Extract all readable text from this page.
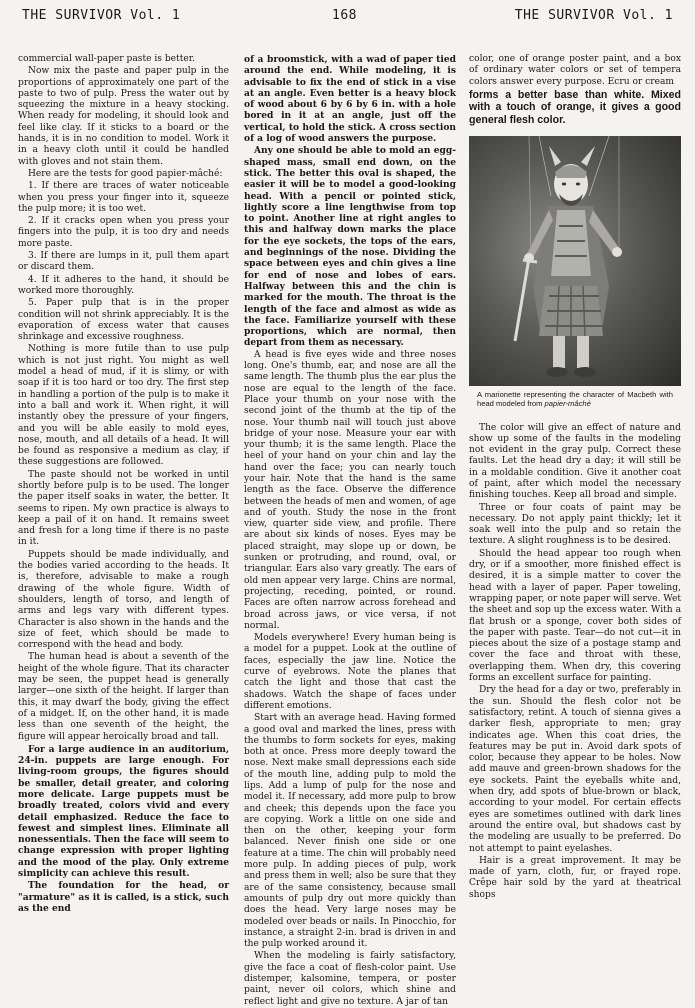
THE SURVIVOR Vol. 1	168	THE SURVIVOR Vol. 1

commercial wall-paper paste is better.

Now mix the paste and paper pulp in the proportions of approximately one part of the paste to two of pulp. Press the water out by squeezing the mixture in a heavy stocking. When ready for modeling, it should look and feel like clay. If it sticks to a board or the hands, it is in no condition to model. Work it in a heavy cloth until it could be handled with gloves and not stain them.

Here are the tests for good papier-mâché:

1. If there are traces of water noticeable when you press your finger into it, squeeze the pulp more; it is too wet.

2. If it cracks open when you press your fingers into the pulp, it is too dry and needs more paste.

3. If there are lumps in it, pull them apart or discard them.

4. If it adheres to the hand, it should be worked more thoroughly.

5. Paper pulp that is in the proper condition will not shrink appreciably. It is the evaporation of excess water that causes shrinkage and excessive roughness.

Nothing is more futile than to use pulp which is not just right. You might as well model a head of mud, if it is slimy, or with soap if it is too hard or too dry. The first step in handling a portion of the pulp is to make it into a ball and work it. When right, it will instantly obey the pressure of your fingers, and you will be able easily to mold eyes, nose, mouth, and all details of a head. It will be found as responsive a medium as clay, if these suggestions are followed.

The paste should not be worked in until shortly before pulp is to be used. The longer the paper itself soaks in water, the better. It seems to ripen. My own practice is always to keep a pail of it on hand. It remains sweet and fresh for a long time if there is no paste in it.

Puppets should be made individually, and the bodies varied according to the heads. It is, therefore, advisable to make a rough drawing of the whole figure. Width of shoulders, length of torso, and length of arms and legs vary with different types. Character is also shown in the hands and the size of feet, which should be made to correspond with the head and body.

The human head is about a seventh of the height of the whole figure. That its character may be seen, the puppet head is generally larger—one sixth of the height. If larger than this, it may dwarf the body, giving the effect of a midget. If, on the other hand, it is made less than one seventh of the height, the figure will appear heroically broad and tall.

For a large audience in an auditorium, 24-in. puppets are large enough. For living-room groups, the figures should be smaller, detail greater, and coloring more delicate. Large puppets must be broadly treated, colors vivid and every detail emphasized. Reduce the face to fewest and simplest lines. Eliminate all nonessentials. Then the face will seem to change expression with proper lighting and the mood of the play. Only extreme simplicity can achieve this result.

The foundation for the head, or "armature" as it is called, is a stick, such as the end

of a broomstick, with a wad of paper tied around the end. While modeling, it is advisable to fix the end of stick in a vise at an angle. Even better is a heavy block of wood about 6 by 6 by 6 in. with a hole bored in it at an angle, just off the vertical, to hold the stick. A cross section of a log of wood answers the purpose.

Any one should be able to mold an egg-shaped mass, small end down, on the stick. The better this oval is shaped, the easier it will be to model a good-looking head. With a pencil or pointed stick, lightly score a line lengthwise from top to point. Another line at right angles to this and halfway down marks the place for the eye sockets, the tops of the ears, and beginnings of the nose. Dividing the space between eyes and chin gives a line for end of nose and lobes of ears. Halfway between this and the chin is marked for the mouth. The throat is the length of the face and almost as wide as the face. Familiarize yourself with these proportions, which are normal, then depart from them as necessary.

A head is five eyes wide and three noses long. One's thumb, ear, and nose are all the same length. The thumb plus the ear plus the nose are equal to the length of the face. Place your thumb on your nose with the second joint of the thumb at the tip of the nose. Your thumb nail will touch just above bridge of your nose. Measure your ear with your thumb; it is the same length. Place the heel of your hand on your chin and lay the hand over the face; you can nearly touch your hair. Note that the hand is the same length as the face. Observe the difference between the heads of men and women, of age and of youth. Study the nose in the front view, quarter side view, and profile. There are about six kinds of noses. Eyes may be placed straight, may slope up or down, be sunken or protruding, and round, oval, or triangular. Ears also vary greatly. The ears of old men appear very large. Chins are normal, projecting, receding, pointed, or round. Faces are often narrow across forehead and broad across jaws, or vice versa, if not normal.

Models everywhere! Every human being is a model for a puppet. Look at the outline of faces, especially the jaw line. Notice the curve of eyebrows. Note the planes that catch the light and those that cast the shadows. Watch the shape of faces under different emotions.

Start with an average head. Having formed a good oval and marked the lines, press with the thumbs to form sockets for eyes, making both at once. Press more deeply toward the nose. Next make small depressions each side of the mouth line, adding pulp to mold the lips. Add a lump of pulp for the nose and model it. If necessary, add more pulp to brow and cheek; this depends upon the face you are copying. Work a little on one side and then on the other, keeping your form balanced. Never finish one side or one feature at a time. The chin will probably need more pulp. In adding pieces of pulp, work and press them in well; also be sure that they are of the same consistency, because small amounts of pulp dry out more quickly than does the head. Very large noses may be modeled over beads or nails. In Pinocchio, for instance, a straight 2-in. brad is driven in and the pulp worked around it.

When the modeling is fairly satisfactory, give the face a coat of flesh-color paint. Use distemper, kalsomine, tempera, or poster paint, never oil colors, which shine and reflect light and give no texture. A jar of tan

color, one of orange poster paint, and a box of ordinary water colors or set of tempera colors answer every purpose. Ecru or cream

forms a better base than white. Mixed with a touch of orange, it gives a good general flesh color.

A marionette representing the character of Macbeth with head modeled from papier-mâché

The color will give an effect of nature and show up some of the faults in the modeling not evident in the gray pulp. Correct these faults. Let the head dry a day; it will still be in a moldable condition. Give it another coat of paint, after which model the necessary finishing touches. Keep all broad and simple.

Three or four coats of paint may be necessary. Do not apply paint thickly; let it soak well into the pulp and so retain the texture. A slight roughness is to be desired.

Should the head appear too rough when dry, or if a smoother, more finished effect is desired, it is a simple matter to cover the head with a layer of paper. Paper toweling, wrapping paper, or note paper will serve. Wet the sheet and sop up the excess water. With a flat brush or a sponge, cover both sides of the paper with paste. Tear—do not cut—it in pieces about the size of a postage stamp and cover the face and throat with these, overlapping them. When dry, this covering forms an excellent surface for painting.

Dry the head for a day or two, preferably in the sun. Should the flesh color not be satisfactory, retint. A touch of sienna gives a darker flesh, appropriate to men; gray indicates age. When this coat dries, the features may be put in. Avoid dark spots of color, because they appear to be holes. Now add mauve and green-brown shadows for the eye sockets. Paint the eyeballs white and, when dry, add spots of blue-brown or black, according to your model. For certain effects eyes are sometimes outlined with dark lines around the entire oval, but shadows cast by the modeling are usually to be preferred. Do not attempt to paint eyelashes.

Hair is a great improvement. It may be made of yarn, cloth, fur, or frayed rope. Crêpe hair sold by the yard at theatrical shops
